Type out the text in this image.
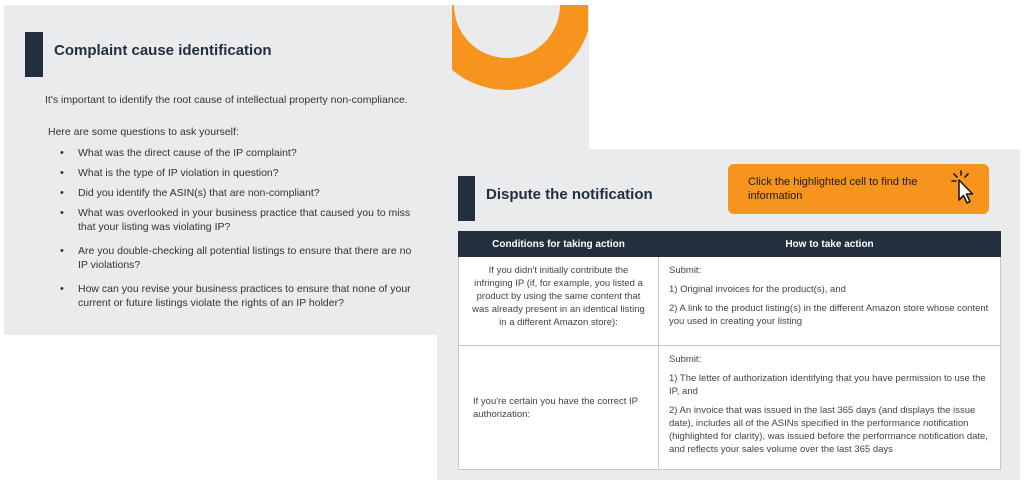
Complaint cause identification
It's important to identify the root cause of intellectual property non-compliance.
Here are some questions to ask yourself:
• What was the direct cause of the IP complaint?
• What is the type of IP violation in question?
• Did you identify the ASIN(s) that are non-compliant?
• What was overlooked in your business practice that caused you to miss that your listing was violating IP?
• Are you double-checking all potential listings to ensure that there are no IP violations?
• How can you revise your business practices to ensure that none of your current or future listings violate the rights of an IP holder?
Dispute the notification
Click the highlighted cell to find the information
Conditions for taking action	How to take action
If you didn't initially contribute the infringing IP (if, for example, you listed a product by using the same content that was already present in an identical listing in a different Amazon store):	Submit:
1) Original invoices for the product(s), and
2) A link to the product listing(s) in the different Amazon store whose content you used in creating your listing

If you're certain you have the correct IP authorization:	Submit:
1) The letter of authorization identifying that you have permission to use the IP, and
2) An invoice that was issued in the last 365 days (and displays the issue date), includes all of the ASINs specified in the performance notification (highlighted for clarity), was issued before the performance notification date, and reflects your sales volume over the last 365 days
